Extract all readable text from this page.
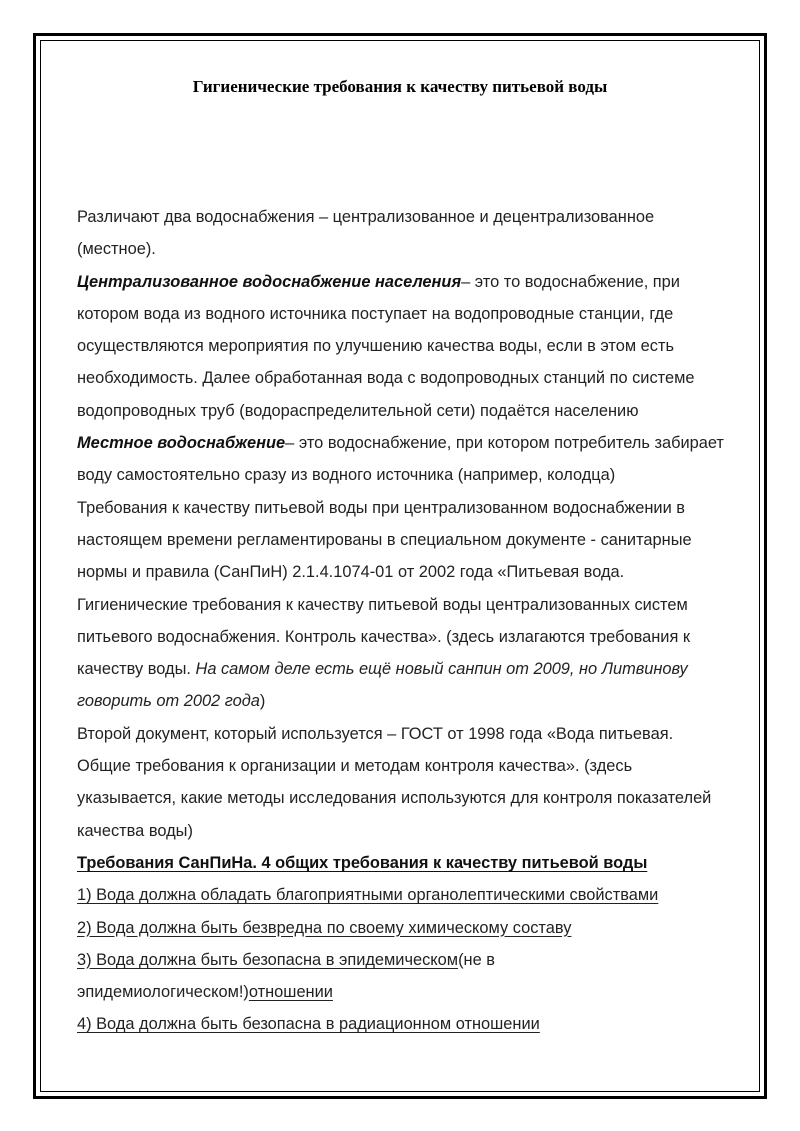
Гигиенические требования к качеству питьевой воды

Различают два водоснабжения – централизованное и децентрализованное (местное).

Централизованное водоснабжение населения– это то водоснабжение, при котором вода из водного источника поступает на водопроводные станции, где осуществляются мероприятия по улучшению качества воды, если в этом есть необходимость. Далее обработанная вода с водопроводных станций по системе водопроводных труб (водораспределительной сети) подаётся населению

Местное водоснабжение– это водоснабжение, при котором потребитель забирает воду самостоятельно сразу из водного источника (например, колодца)

Требования к качеству питьевой воды при централизованном водоснабжении в настоящем времени регламентированы в специальном документе - санитарные нормы и правила (СанПиН) 2.1.4.1074-01 от 2002 года «Питьевая вода. Гигиенические требования к качеству питьевой воды централизованных систем питьевого водоснабжения. Контроль качества». (здесь излагаются требования к качеству воды. На самом деле есть ещё новый санпин от 2009, но Литвинову говорить от 2002 года)

Второй документ, который используется – ГОСТ от 1998 года «Вода питьевая. Общие требования к организации и методам контроля качества». (здесь указывается, какие методы исследования используются для контроля показателей качества воды)

Требования СанПиНа. 4 общих требования к качеству питьевой воды

1) Вода должна обладать благоприятными органолептическими свойствами

2) Вода должна быть безвредна по своему химическому составу

3) Вода должна быть безопасна в эпидемическом(не в эпидемиологическом!)отношении

4) Вода должна быть безопасна в радиационном отношении
